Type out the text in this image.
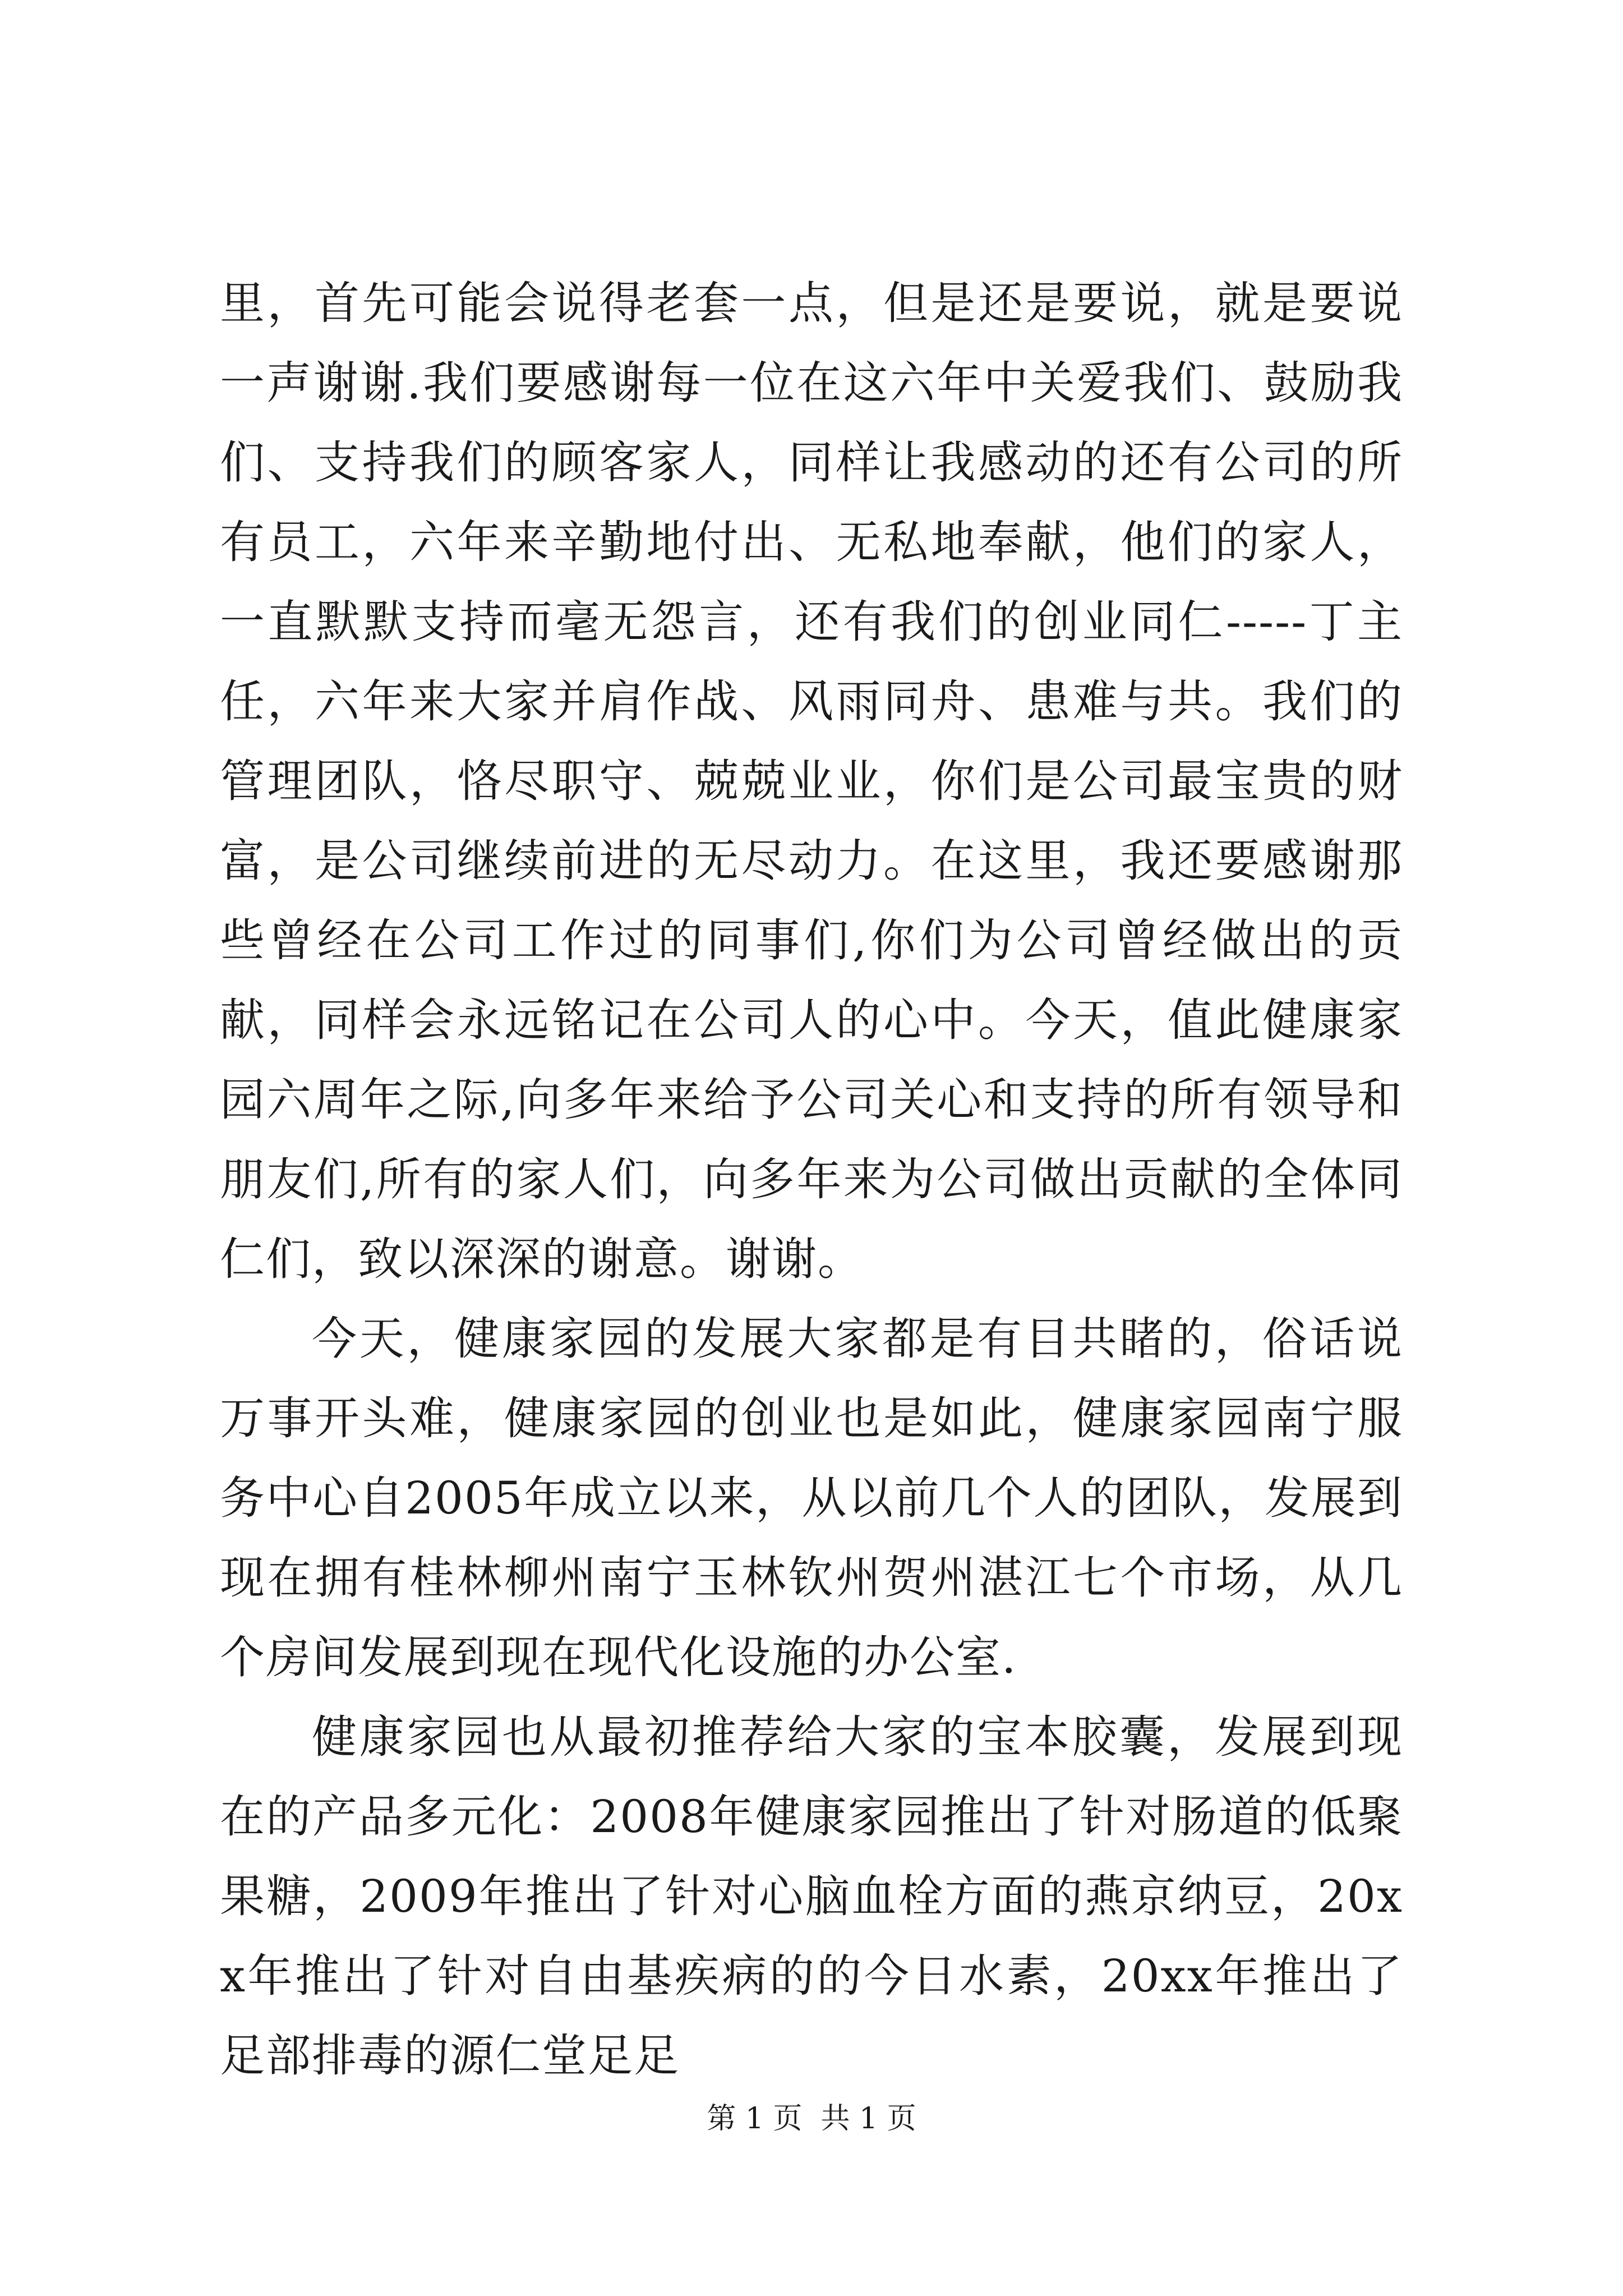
里，首先可能会说得老套一点，但是还是要说，就是要说一声谢谢.我们要感谢每一位在这六年中关爱我们、鼓励我们、支持我们的顾客家人，同样让我感动的还有公司的所有员工，六年来辛勤地付出、无私地奉献，他们的家人，一直默默支持而毫无怨言，还有我们的创业同仁-----丁主任，六年来大家并肩作战、风雨同舟、患难与共。我们的管理团队，恪尽职守、兢兢业业，你们是公司最宝贵的财富，是公司继续前进的无尽动力。在这里，我还要感谢那些曾经在公司工作过的同事们,你们为公司曾经做出的贡献，同样会永远铭记在公司人的心中。今天，值此健康家园六周年之际,向多年来给予公司关心和支持的所有领导和朋友们,所有的家人们，向多年来为公司做出贡献的全体同仁们，致以深深的谢意。谢谢。

今天，健康家园的发展大家都是有目共睹的，俗话说万事开头难，健康家园的创业也是如此，健康家园南宁服务中心自2005年成立以来，从以前几个人的团队，发展到现在拥有桂林柳州南宁玉林钦州贺州湛江七个市场，从几个房间发展到现在现代化设施的办公室.

健康家园也从最初推荐给大家的宝本胶囊，发展到现在的产品多元化：2008年健康家园推出了针对肠道的低聚果糖，2009年推出了针对心脑血栓方面的燕京纳豆，20xx年推出了针对自由基疾病的的今日水素，20xx年推出了足部排毒的源仁堂足足

第 1 页  共 1 页
